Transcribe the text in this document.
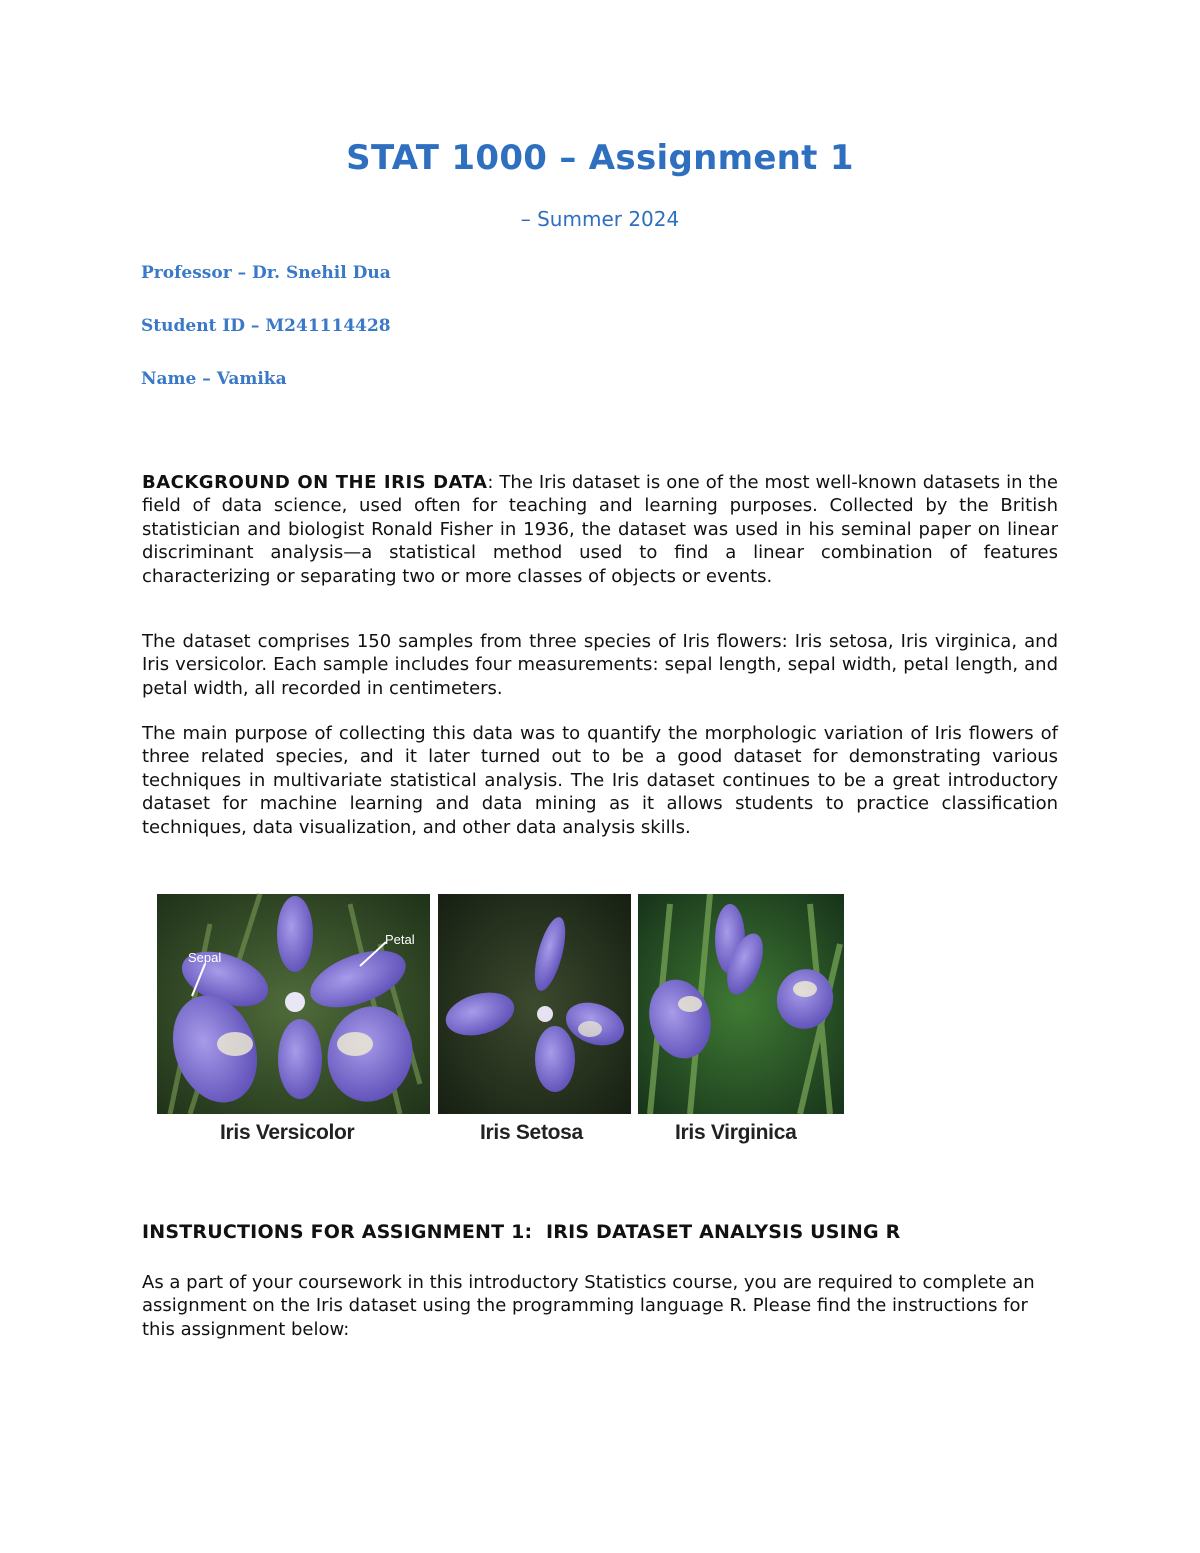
STAT 1000 – Assignment 1
– Summer 2024
Professor – Dr. Snehil Dua
Student ID – M241114428
Name – Vamika
BACKGROUND ON THE IRIS DATA: The Iris dataset is one of the most well-known datasets in the field of data science, used often for teaching and learning purposes. Collected by the British statistician and biologist Ronald Fisher in 1936, the dataset was used in his seminal paper on linear discriminant analysis—a statistical method used to find a linear combination of features characterizing or separating two or more classes of objects or events.
The dataset comprises 150 samples from three species of Iris flowers: Iris setosa, Iris virginica, and Iris versicolor. Each sample includes four measurements: sepal length, sepal width, petal length, and petal width, all recorded in centimeters.
The main purpose of collecting this data was to quantify the morphologic variation of Iris flowers of three related species, and it later turned out to be a good dataset for demonstrating various techniques in multivariate statistical analysis. The Iris dataset continues to be a great introductory dataset for machine learning and data mining as it allows students to practice classification techniques, data visualization, and other data analysis skills.
Sepal
Petal
Iris Versicolor	Iris Setosa	Iris Virginica
INSTRUCTIONS FOR ASSIGNMENT 1:  IRIS DATASET ANALYSIS USING R
As a part of your coursework in this introductory Statistics course, you are required to complete an assignment on the Iris dataset using the programming language R. Please find the instructions for this assignment below:
